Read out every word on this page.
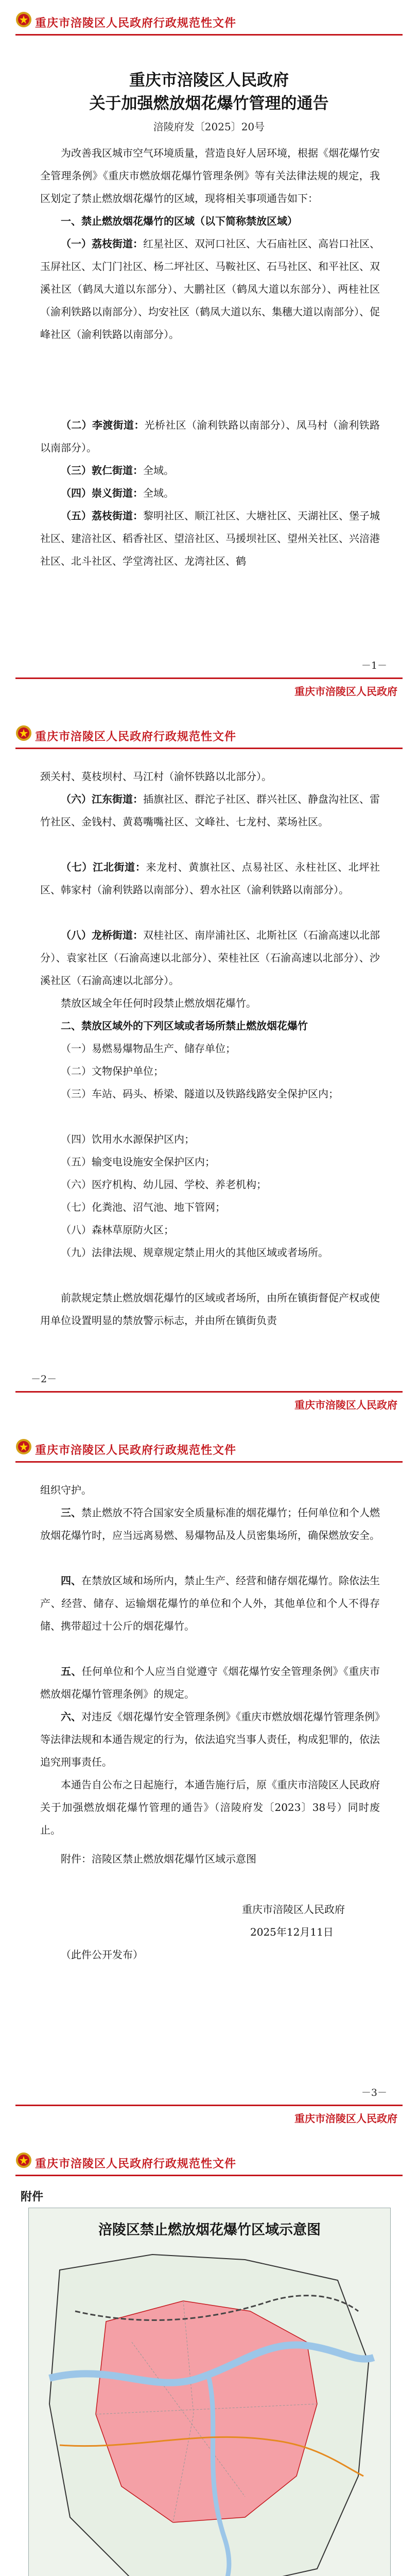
重庆市涪陵区人民政府行政规范性文件
重庆市涪陵区人民政府
关于加强燃放烟花爆竹管理的通告
涪陵府发〔2025〕20号

为改善我区城市空气环境质量，营造良好人居环境，根据《烟花爆竹安全管理条例》《重庆市燃放烟花爆竹管理条例》等有关法律法规的规定，我区划定了禁止燃放烟花爆竹的区域，现将相关事项通告如下：

一、禁止燃放烟花爆竹的区域（以下简称禁放区域）

（一）荔枝街道：红星社区、双河口社区、大石庙社区、高岩口社区、玉屏社区、太门门社区、杨二坪社区、马鞍社区、石马社区、和平社区、双溪社区（鹤凤大道以东部分）、大鹏社区（鹤凤大道以东部分）、两桂社区（渝利铁路以南部分）、均安社区（鹤凤大道以东、集穗大道以南部分）、促峰社区（渝利铁路以南部分）。

（二）李渡街道：光桥社区（渝利铁路以南部分）、凤马村（渝利铁路以南部分）。

（三）敦仁街道：全域。

（四）崇义街道：全域。

（五）荔枝街道：黎明社区、顺江社区、大塘社区、天湖社区、堡子城社区、建涪社区、稻香社区、望涪社区、马援坝社区、望州关社区、兴涪港社区、北斗社区、学堂湾社区、龙湾社区、鹤

－1－
重庆市涪陵区人民政府
重庆市涪陵区人民政府行政规范性文件

颈关村、莫枝坝村、马江村（渝怀铁路以北部分）。

（六）江东街道：插旗社区、群沱子社区、群兴社区、静盘沟社区、雷竹社区、金钱村、黄葛嘴嘴社区、文峰社、七龙村、菜场社区。

（七）江北街道：来龙村、黄旗社区、点易社区、永柱社区、北坪社区、韩家村（渝利铁路以南部分）、碧水社区（渝利铁路以南部分）。

（八）龙桥街道：双桂社区、南岸浦社区、北斯社区（石渝高速以北部分）、袁家社区（石渝高速以北部分）、荣桂社区（石渝高速以北部分）、沙溪社区（石渝高速以北部分）。

禁放区域全年任何时段禁止燃放烟花爆竹。

二、禁放区域外的下列区域或者场所禁止燃放烟花爆竹

（一）易燃易爆物品生产、储存单位；

（二）文物保护单位；

（三）车站、码头、桥梁、隧道以及铁路线路安全保护区内；

（四）饮用水水源保护区内；

（五）输变电设施安全保护区内；

（六）医疗机构、幼儿园、学校、养老机构；

（七）化粪池、沼气池、地下管网；

（八）森林草原防火区；

（九）法律法规、规章规定禁止用火的其他区域或者场所。

前款规定禁止燃放烟花爆竹的区域或者场所，由所在镇街督促产权或使用单位设置明显的禁放警示标志，并由所在镇街负责

－2－
重庆市涪陵区人民政府
重庆市涪陵区人民政府行政规范性文件

组织守护。

三、禁止燃放不符合国家安全质量标准的烟花爆竹；任何单位和个人燃放烟花爆竹时，应当远离易燃、易爆物品及人员密集场所，确保燃放安全。

四、在禁放区域和场所内，禁止生产、经营和储存烟花爆竹。除依法生产、经营、储存、运输烟花爆竹的单位和个人外，其他单位和个人不得存储、携带超过十公斤的烟花爆竹。

五、任何单位和个人应当自觉遵守《烟花爆竹安全管理条例》《重庆市燃放烟花爆竹管理条例》的规定。

六、对违反《烟花爆竹安全管理条例》《重庆市燃放烟花爆竹管理条例》等法律法规和本通告规定的行为，依法追究当事人责任，构成犯罪的，依法追究刑事责任。

本通告自公布之日起施行，本通告施行后，原《重庆市涪陵区人民政府关于加强燃放烟花爆竹管理的通告》（涪陵府发〔2023〕38号）同时废止。

附件：涪陵区禁止燃放烟花爆竹区域示意图

重庆市涪陵区人民政府
2025年12月11日
（此件公开发布）
－3－
重庆市涪陵区人民政府
重庆市涪陵区人民政府行政规范性文件
附件
涪陵区禁止燃放烟花爆竹区域示意图
